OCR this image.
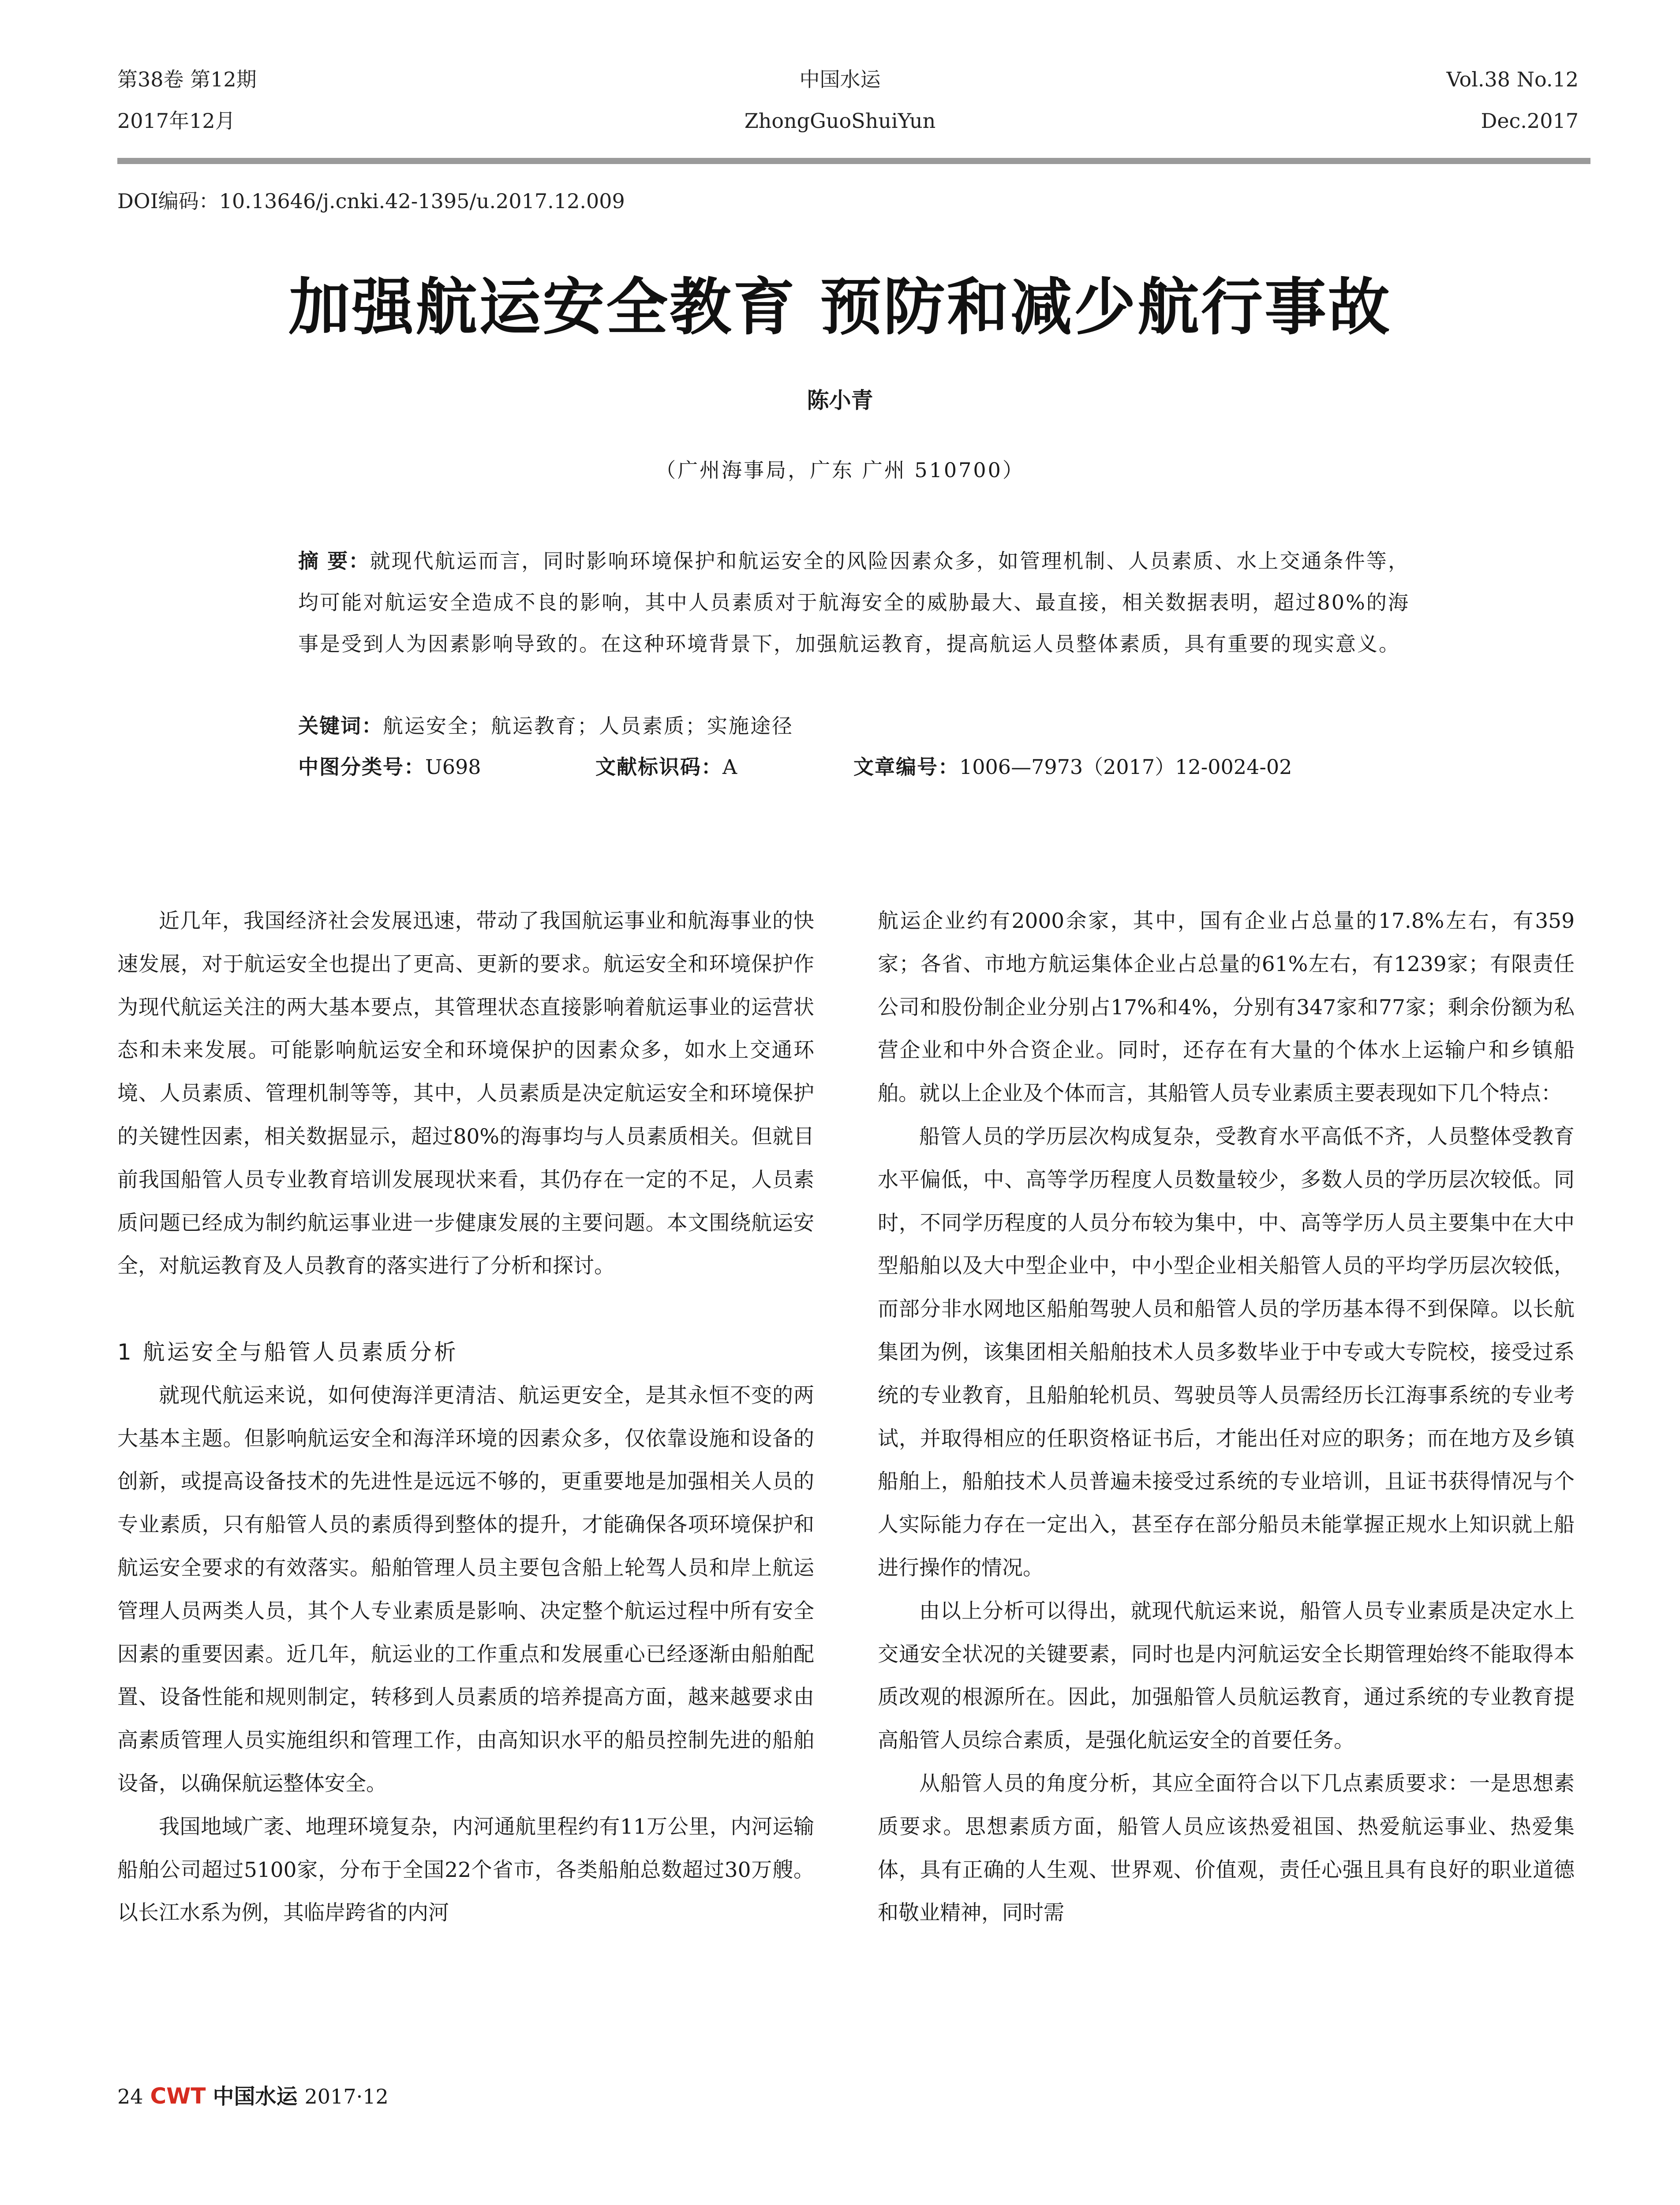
第38卷 第12期
2017年12月
中国水运
ZhongGuoShuiYun
Vol.38 No.12
Dec.2017
DOI编码：10.13646/j.cnki.42-1395/u.2017.12.009
加强航运安全教育 预防和减少航行事故
陈小青
（广州海事局，广东 广州 510700）

摘 要：就现代航运而言，同时影响环境保护和航运安全的风险因素众多，如管理机制、人员素质、水上交通条件等，均可能对航运安全造成不良的影响，其中人员素质对于航海安全的威胁最大、最直接，相关数据表明，超过80%的海事是受到人为因素影响导致的。在这种环境背景下，加强航运教育，提高航运人员整体素质，具有重要的现实意义。

关键词：航运安全；航运教育；人员素质；实施途径
中图分类号：U698	文献标识码：A	文章编号：1006—7973（2017）12-0024-02

近几年，我国经济社会发展迅速，带动了我国航运事业和航海事业的快速发展，对于航运安全也提出了更高、更新的要求。航运安全和环境保护作为现代航运关注的两大基本要点，其管理状态直接影响着航运事业的运营状态和未来发展。可能影响航运安全和环境保护的因素众多，如水上交通环境、人员素质、管理机制等等，其中，人员素质是决定航运安全和环境保护的关键性因素，相关数据显示，超过80%的海事均与人员素质相关。但就目前我国船管人员专业教育培训发展现状来看，其仍存在一定的不足，人员素质问题已经成为制约航运事业进一步健康发展的主要问题。本文围绕航运安全，对航运教育及人员教育的落实进行了分析和探讨。

1 航运安全与船管人员素质分析

就现代航运来说，如何使海洋更清洁、航运更安全，是其永恒不变的两大基本主题。但影响航运安全和海洋环境的因素众多，仅依靠设施和设备的创新，或提高设备技术的先进性是远远不够的，更重要地是加强相关人员的专业素质，只有船管人员的素质得到整体的提升，才能确保各项环境保护和航运安全要求的有效落实。船舶管理人员主要包含船上轮驾人员和岸上航运管理人员两类人员，其个人专业素质是影响、决定整个航运过程中所有安全因素的重要因素。近几年，航运业的工作重点和发展重心已经逐渐由船舶配置、设备性能和规则制定，转移到人员素质的培养提高方面，越来越要求由高素质管理人员实施组织和管理工作，由高知识水平的船员控制先进的船舶设备，以确保航运整体安全。

我国地域广袤、地理环境复杂，内河通航里程约有11万公里，内河运输船舶公司超过5100家，分布于全国22个省市，各类船舶总数超过30万艘。以长江水系为例，其临岸跨省的内河

航运企业约有2000余家，其中，国有企业占总量的17.8%左右，有359家；各省、市地方航运集体企业占总量的61%左右，有1239家；有限责任公司和股份制企业分别占17%和4%，分别有347家和77家；剩余份额为私营企业和中外合资企业。同时，还存在有大量的个体水上运输户和乡镇船舶。就以上企业及个体而言，其船管人员专业素质主要表现如下几个特点：

船管人员的学历层次构成复杂，受教育水平高低不齐，人员整体受教育水平偏低，中、高等学历程度人员数量较少，多数人员的学历层次较低。同时，不同学历程度的人员分布较为集中，中、高等学历人员主要集中在大中型船舶以及大中型企业中，中小型企业相关船管人员的平均学历层次较低，而部分非水网地区船舶驾驶人员和船管人员的学历基本得不到保障。以长航集团为例，该集团相关船舶技术人员多数毕业于中专或大专院校，接受过系统的专业教育，且船舶轮机员、驾驶员等人员需经历长江海事系统的专业考试，并取得相应的任职资格证书后，才能出任对应的职务；而在地方及乡镇船舶上，船舶技术人员普遍未接受过系统的专业培训，且证书获得情况与个人实际能力存在一定出入，甚至存在部分船员未能掌握正规水上知识就上船进行操作的情况。

由以上分析可以得出，就现代航运来说，船管人员专业素质是决定水上交通安全状况的关键要素，同时也是内河航运安全长期管理始终不能取得本质改观的根源所在。因此，加强船管人员航运教育，通过系统的专业教育提高船管人员综合素质，是强化航运安全的首要任务。

从船管人员的角度分析，其应全面符合以下几点素质要求：一是思想素质要求。思想素质方面，船管人员应该热爱祖国、热爱航运事业、热爱集体，具有正确的人生观、世界观、价值观，责任心强且具有良好的职业道德和敬业精神，同时需

24 CWT 中国水运 2017·12
